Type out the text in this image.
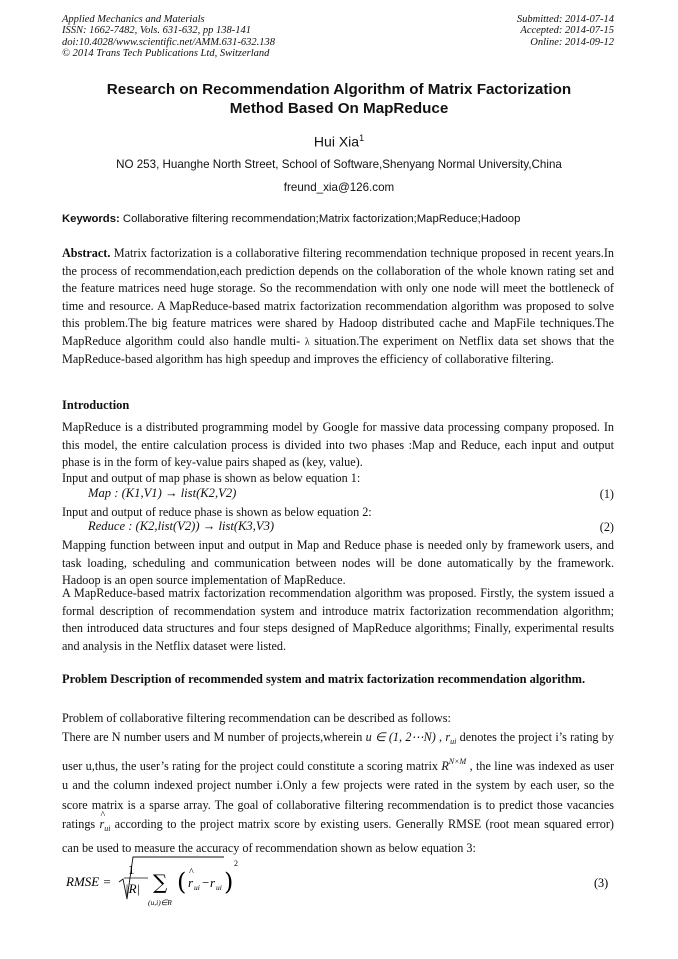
Applied Mechanics and Materials
ISSN: 1662-7482, Vols. 631-632, pp 138-141
doi:10.4028/www.scientific.net/AMM.631-632.138
© 2014 Trans Tech Publications Ltd, Switzerland
Submitted: 2014-07-14
Accepted: 2014-07-15
Online: 2014-09-12
Research on Recommendation Algorithm of Matrix Factorization
Method Based On MapReduce
Hui Xia$^1$
NO 253, Huanghe North Street, School of Software,Shenyang Normal University,China
freund_xia@126.com
Keywords: Collaborative filtering recommendation;Matrix factorization;MapReduce;Hadoop
Abstract. Matrix factorization is a collaborative filtering recommendation technique proposed in recent years.In the process of recommendation,each prediction depends on the collaboration of the whole known rating set and the feature matrices need huge storage. So the recommendation with only one node will meet the bottleneck of time and resource. A MapReduce-based matrix factorization recommendation algorithm was proposed to solve this problem.The big feature matrices were shared by Hadoop distributed cache and MapFile techniques.The MapReduce algorithm could also handle multi- λ situation.The experiment on Netflix data set shows that the MapReduce-based algorithm has high speedup and improves the efficiency of collaborative filtering.
Introduction
MapReduce is a distributed programming model by Google for massive data processing company proposed. In this model, the entire calculation process is divided into two phases :Map and Reduce, each input and output phase is in the form of key-value pairs shaped as (key, value).
Input and output of map phase is shown as below equation 1:
Map : (K1,V1) → list(K2,V2)	(1)
Input and output of reduce phase is shown as below equation 2:
Reduce : (K2,list(V2)) → list(K3,V3)	(2)
Mapping function between input and output in Map and Reduce phase is needed only by framework users, and task loading, scheduling and communication between nodes will be done automatically by the framework. Hadoop is an open source implementation of MapReduce.
A MapReduce-based matrix factorization recommendation algorithm was proposed. Firstly, the system issued a formal description of recommendation system and introduce matrix factorization recommendation algorithm; then introduced data structures and four steps designed of MapReduce algorithms; Finally, experimental results and analysis in the Netflix dataset were listed.
Problem Description of recommended system and matrix factorization recommendation algorithm.
Problem of collaborative filtering recommendation can be described as follows:
There are N number users and M number of projects,wherein u ∈ (1, 2⋯N) , $r_{ui}$ denotes the project i’s rating by user u,thus, the user’s rating for the project could constitute a scoring matrix $R^{N\times M}$ , the line was indexed as user u and the column indexed project number i.Only a few projects were rated in the system by each user, so the score matrix is a sparse array. The goal of collaborative filtering recommendation is to predict those vacancies ratings
^
$r_{ui}$ according to the project matrix score by existing users. Generally RMSE (root mean squared error) can be used to measure the accuracy of recommendation shown as below equation 3:
RMSE =
1
|R| ∑
(u,i)∈R
( ^
r ui − r ui )
2
(3)
